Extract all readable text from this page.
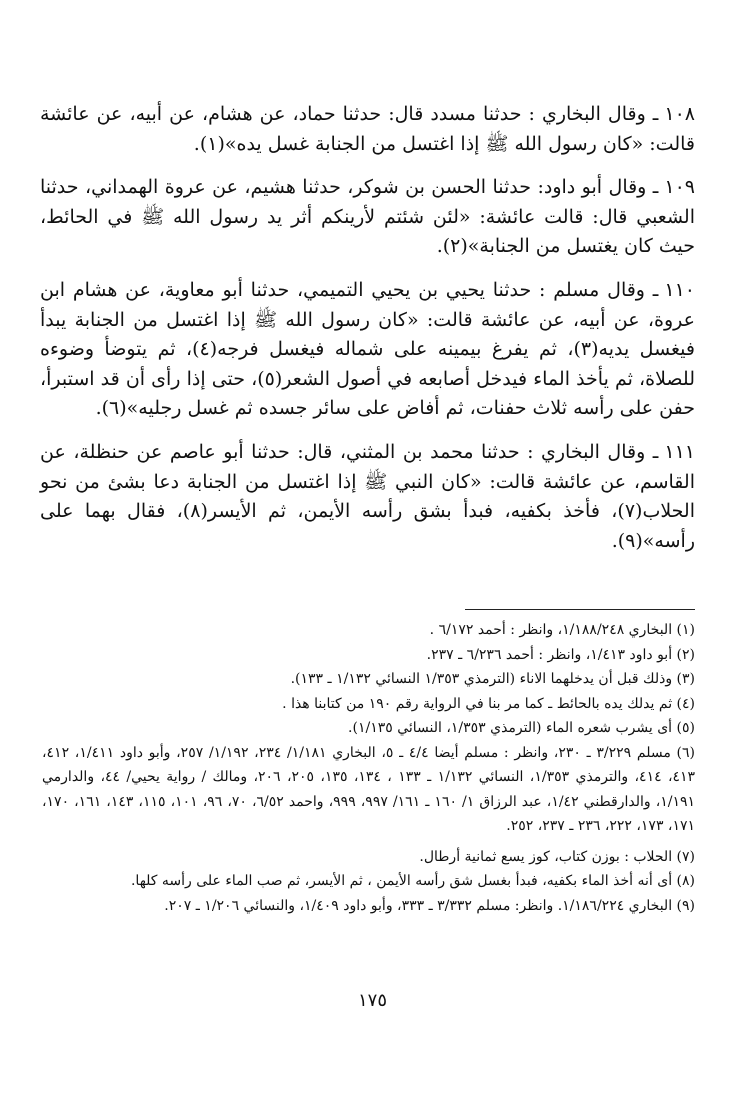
١٠٨ـ وقال البخاري : حدثنا مسدد قال: حدثنا حماد، عن هشام، عن أبيه، عن عائشة قالت: «كان رسول الله ﷺ إذا اغتسل من الجنابة غسل يده»(١).

١٠٩ـ وقال أبو داود: حدثنا الحسن بن شوكر، حدثنا هشيم، عن عروة الهمداني، حدثنا الشعبي قال: قالت عائشة: «لئن شئتم لأرينكم أثر يد رسول الله ﷺ في الحائط، حيث كان يغتسل من الجنابة»(٢).

١١٠ـ وقال مسلم : حدثنا يحيي بن يحيي التميمي، حدثنا أبو معاوية، عن هشام ابن عروة، عن أبيه، عن عائشة قالت: «كان رسول الله ﷺ إذا اغتسل من الجنابة يبدأ فيغسل يديه(٣)، ثم يفرغ بيمينه على شماله فيغسل فرجه(٤)، ثم يتوضأ وضوءه للصلاة، ثم يأخذ الماء فيدخل أصابعه في أصول الشعر(٥)، حتى إذا رأى أن قد استبرأ، حفن على رأسه ثلاث حفنات، ثم أفاض على سائر جسده ثم غسل رجليه»(٦).

١١١ـ وقال البخاري : حدثنا محمد بن المثني، قال: حدثنا أبو عاصم عن حنظلة، عن القاسم، عن عائشة قالت: «كان النبي ﷺ إذا اغتسل من الجنابة دعا بشئ من نحو الحلاب(٧)، فأخذ بكفيه، فبدأ بشق رأسه الأيمن، ثم الأيسر(٨)، فقال بهما على رأسه»(٩).

(١) البخاري ١/١٨٨/٢٤٨، وانظر : أحمد ٦/١٧٢ .

(٢) أبو داود ١/٤١٣، وانظر : أحمد ٦/٢٣٦ ـ ٢٣٧.

(٣) وذلك قبل أن يدخلهما الاناء (الترمذي ١/٣٥٣ النسائي ١/١٣٢ ـ ١٣٣).

(٤) ثم يدلك يده بالحائط ـ كما مر بنا في الرواية رقم ١٩٠ من كتابنا هذا .

(٥) أى يشرب شعره الماء (الترمذي ١/٣٥٣، النسائي ١/١٣٥).

(٦) مسلم ٣/٢٢٩ ـ ٢٣٠، وانظر : مسلم أيضا ٤/٤ ـ ٥، البخاري ١/١٨١/ ٢٣٤، ١/١٩٢/ ٢٥٧، وأبو داود ١/٤١١، ٤١٢، ٤١٣، ٤١٤، والترمذي ١/٣٥٣، النسائي ١/١٣٢ ـ ١٣٣ ، ١٣٤، ١٣٥، ٢٠٥، ٢٠٦، ومالك / رواية يحيي/ ٤٤، والدارمي ١/١٩١، والدارقطني ١/٤٢، عبد الرزاق ١/ ١٦٠ ـ ١٦١/ ٩٩٧، ٩٩٩، واحمد ٦/٥٢، ٧٠، ٩٦، ١٠١، ١١٥، ١٤٣، ١٦١، ١٧٠، ١٧١، ١٧٣، ٢٢٢، ٢٣٦ ـ ٢٣٧، ٢٥٢.

(٧) الحلاب : بوزن كتاب، كوز يسع ثمانية أرطال.

(٨) أى أنه أخذ الماء بكفيه، فبدأ بغسل شق رأسه الأيمن ، ثم الأيسر، ثم صب الماء على رأسه كلها.

(٩) البخاري ١/١٨٦/٢٢٤. وانظر: مسلم ٣/٣٣٢ ـ ٣٣٣، وأبو داود ١/٤٠٩، والنسائي ١/٢٠٦ ـ ٢٠٧.

١٧٥
